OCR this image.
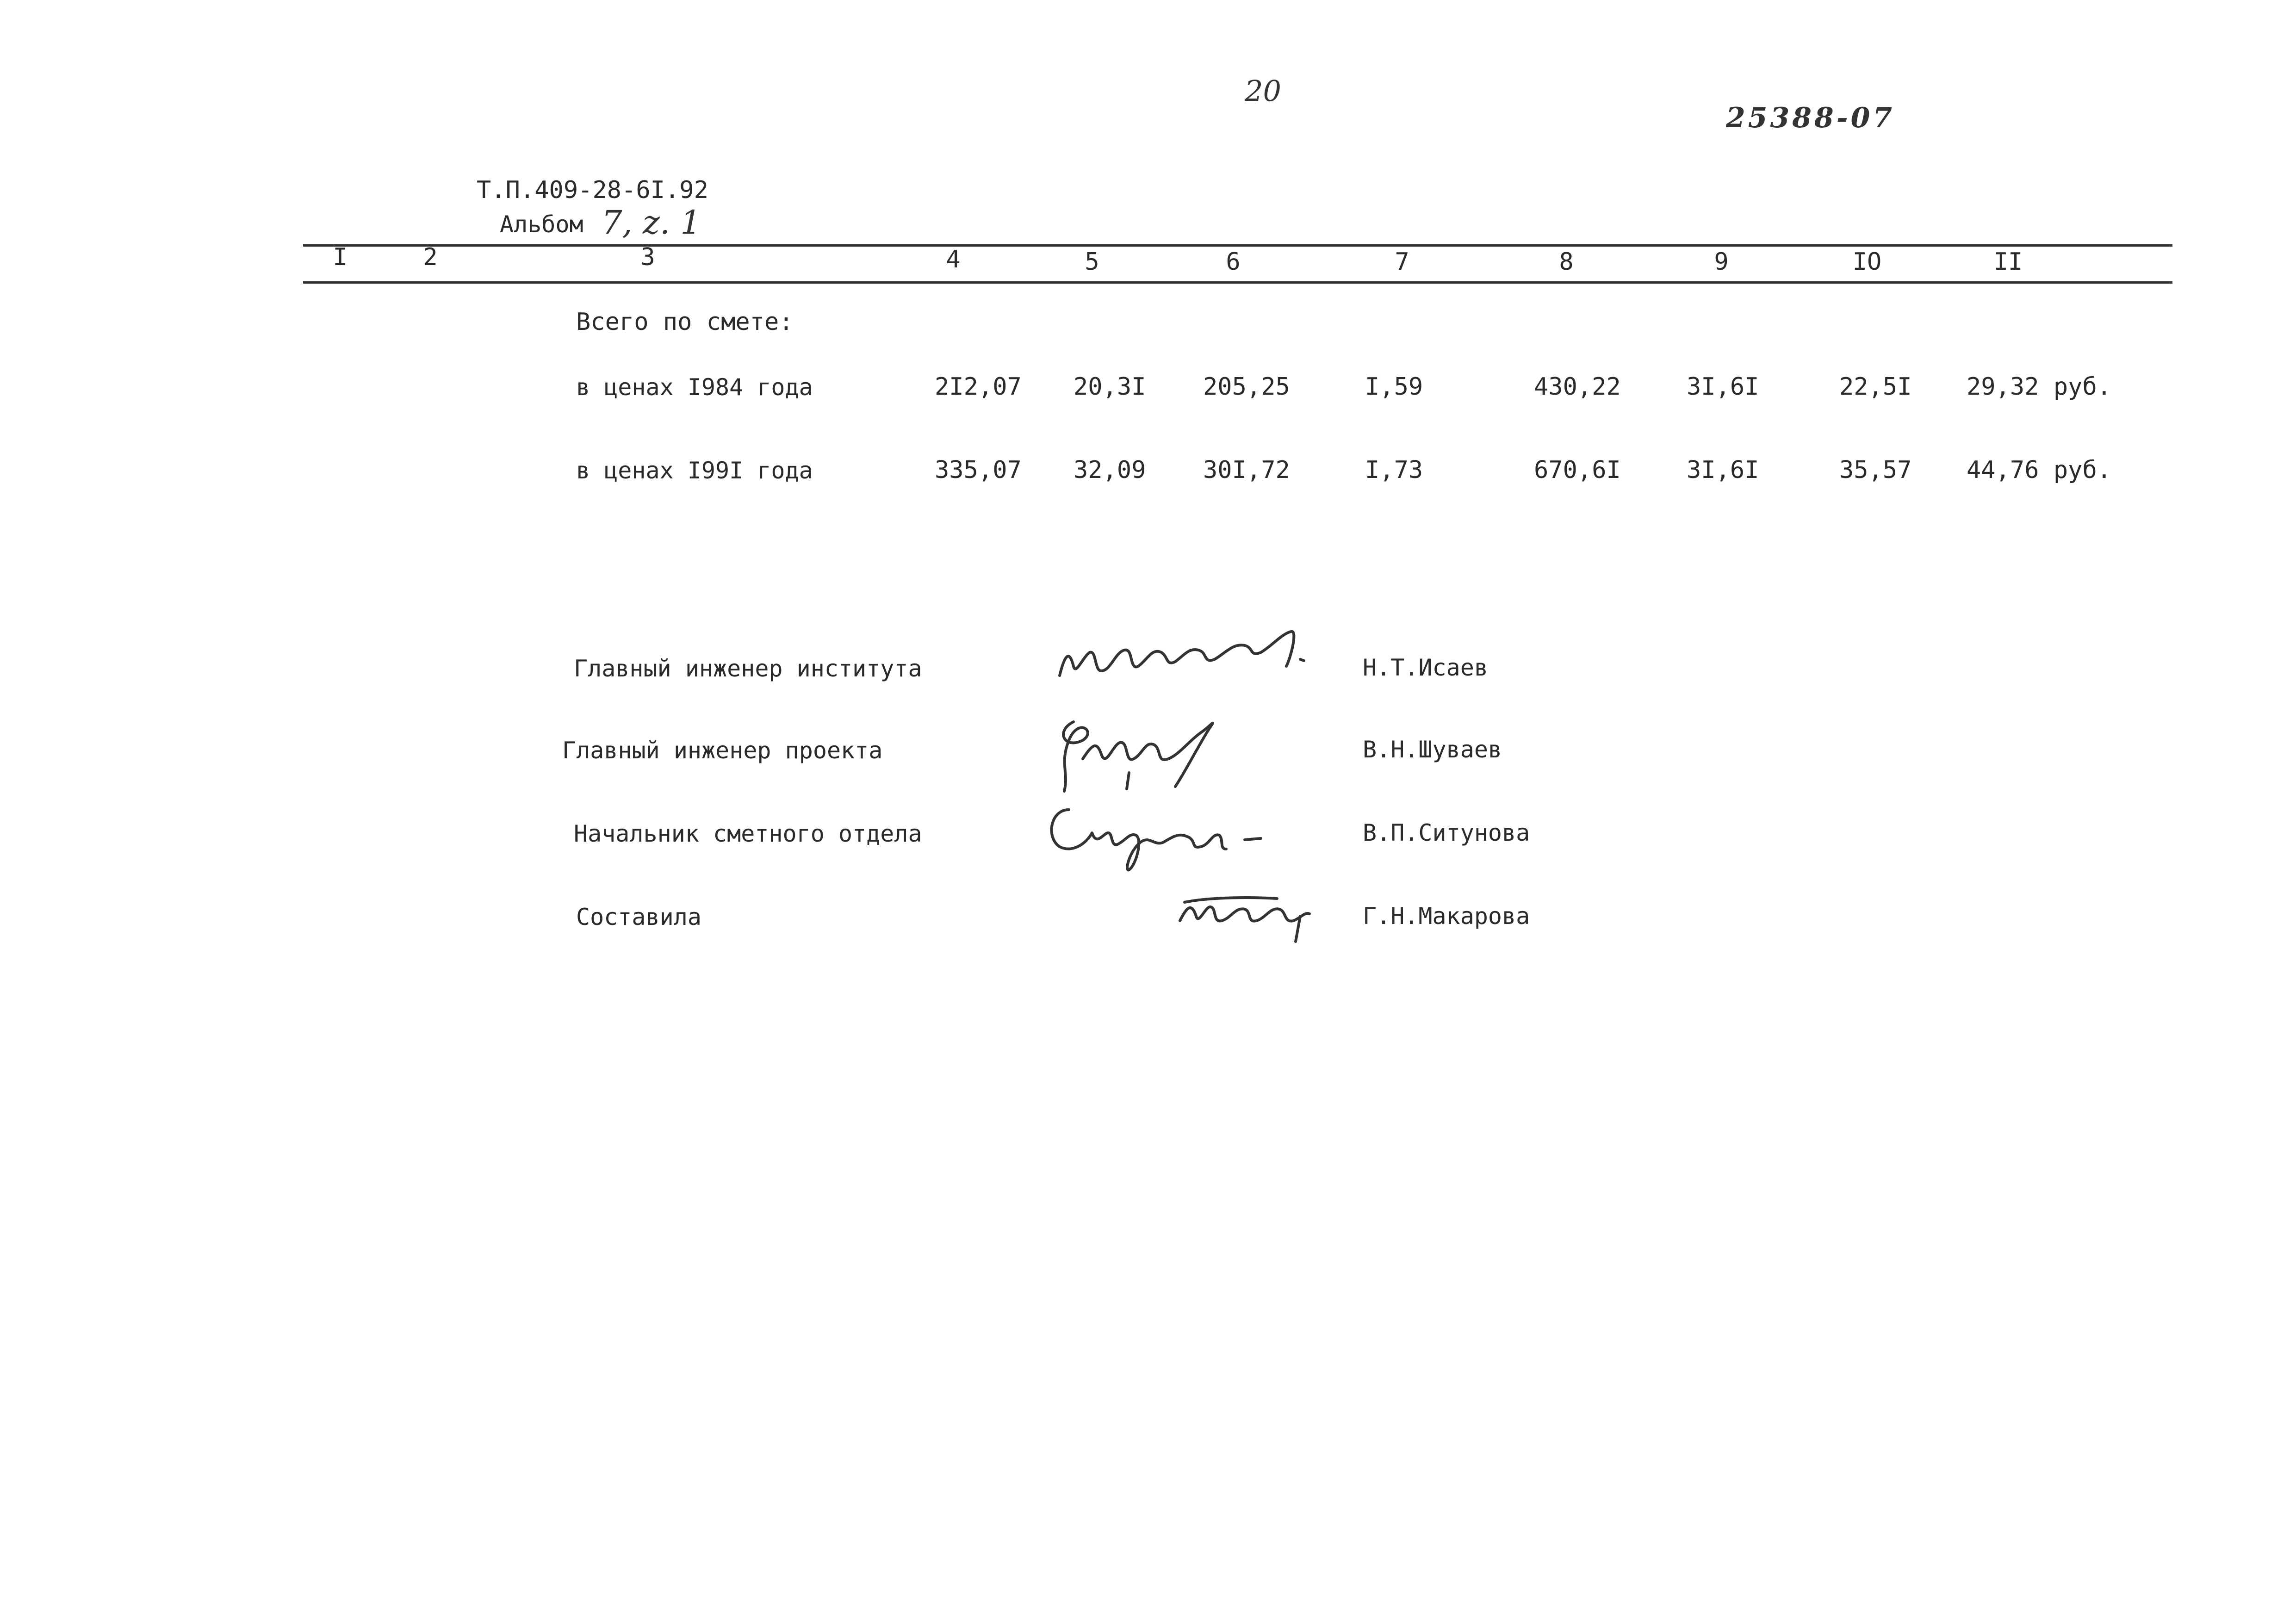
20
25388-07
Т.П.409-28-6I.92
Альбом 7, z. 1
I	2	3	4	5	6	7	8	9	IO	II
Всего по смете:
в ценах I984 года	2I2,07 20,3I 205,25	I,59	430,22	3I,6I	22,5I 29,32 руб.
в ценах I99I года	335,07 32,09 30I,72	I,73	670,6I	3I,6I	35,57 44,76 руб.
Главный инженер института	Н.Т.Исаев
Главный инженер проекта	В.Н.Шуваев
Начальник сметного отдела	В.П.Ситунова
Составила	Г.Н.Макарова
